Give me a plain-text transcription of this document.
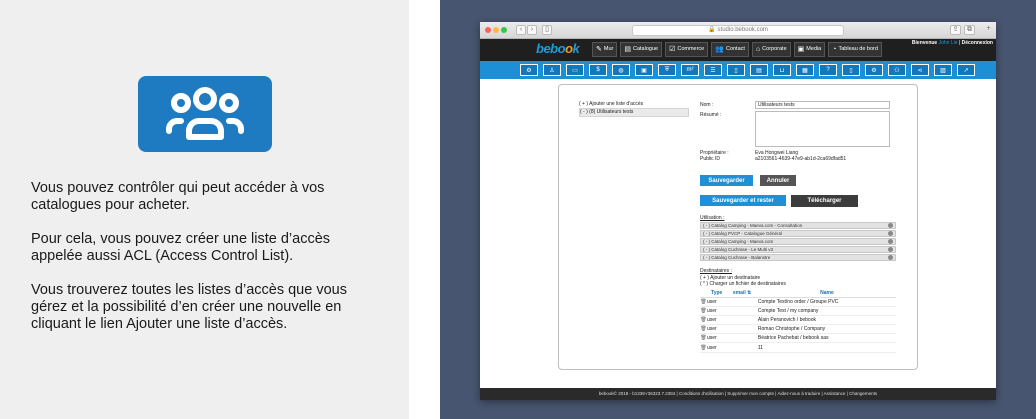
Vous pouvez contrôler qui peut accéder à vos catalogues pour acheter.

Pour cela, vous pouvez créer une liste d’accès appelée aussi ACL (Access Control List).

Vous trouverez toutes les listes d’accès que vous gérez et la possibilité d’en créer une nouvelle en cliquant le lien Ajouter une liste d’accès.

‹	›	▯	🔒 studio.bebook.com	⇪	⧉	+
bebook ✎ Mur ▤ Catalogue ☑ Commerce 👥 Contact ⌂ Corporate ▣ Media ◔ Tableau de bord
Bienvenue John Lie | Déconnexion
⚙	♙	▭	$	◍	▣	⛨	m²	☰	▯	▤	⊔	▦	?	▯	⚙	⚇	⋖	▨	↗
( + ) Ajouter une liste d'accès
( - ) (8) Utilisateurs tests
Nom :	Utilisateurs tests
Résumé :
Propriétaire :	Eva Hongwei Liang
Public ID	a2103561-4639-47e9-ab1d-2ca69dfad51
Sauvegarder	Annuler
Sauvegarder et rester	Télécharger
Utilisation :
( - ) Catalog Camping - Maeva.com - Consultation
( - ) Catalog PVCP - Catalogue Général
( - ) Catalog Camping - Maeva.com
( - ) Catalog Cuchrase - Le Multi v3
( - ) Catalog Cuchrase - Balanstre
Destinataires :
( + ) Ajouter un destinataire
( * ) Charger un fichier de destinataires
	Type	email ⇅	Name
🗑	user		Compte Test/no order / Groupe PVC
🗑	user		Compte Test / my company
🗑	user		Alain Peranovich / bebook
🗑	user		Romao Christophe / Company
🗑	user		Béatrice Pachebat / bebook sas
🗑	user		11
bebook© 2018 - b1338-r36323.7.2384 | Conditions d'utilisation | Supprimer mon compte | Aidez-nous à traduire | Assistance | Changements
